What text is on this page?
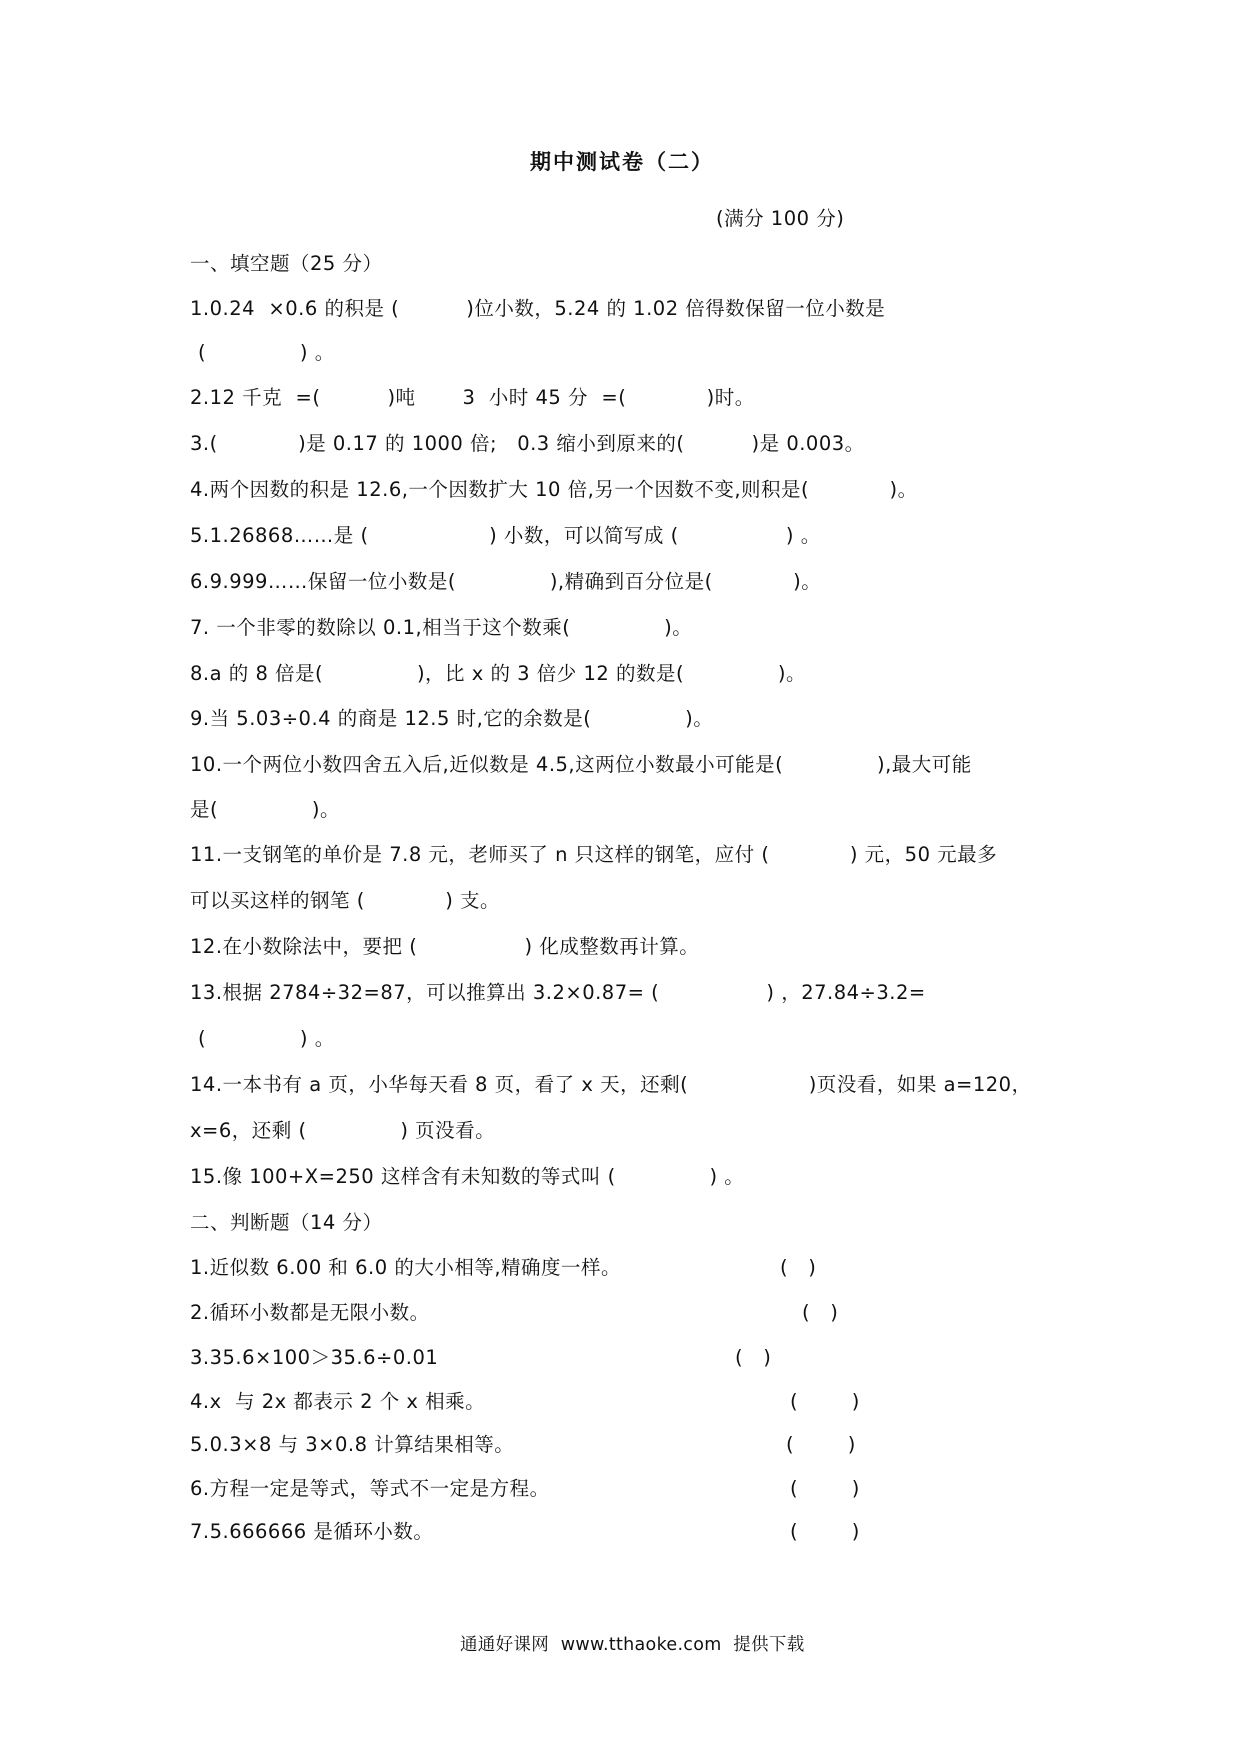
期中测试卷（二）
(满分 100 分)
一、填空题（25 分）
1.0.24  ×0.6 的积是 (          )位小数，5.24 的 1.02 倍得数保留一位小数是
(              ) 。
2.12 千克  =(          )吨       3  小时 45 分  =(            )时。
3.(            )是 0.17 的 1000 倍;   0.3 缩小到原来的(          )是 0.003。
4.两个因数的积是 12.6,一个因数扩大 10 倍,另一个因数不变,则积是(            )。
5.1.26868……是 (                  ) 小数，可以简写成 (                ) 。
6.9.999……保留一位小数是(              ),精确到百分位是(            )。
7. 一个非零的数除以 0.1,相当于这个数乘(              )。
8.a 的 8 倍是(              )，比 x 的 3 倍少 12 的数是(              )。
9.当 5.03÷0.4 的商是 12.5 时,它的余数是(              )。
10.一个两位小数四舍五入后,近似数是 4.5,这两位小数最小可能是(              ),最大可能
是(              )。
11.一支钢笔的单价是 7.8 元，老师买了 n 只这样的钢笔，应付 (            ) 元，50 元最多
可以买这样的钢笔 (            ) 支。
12.在小数除法中，要把 (                ) 化成整数再计算。
13.根据 2784÷32=87，可以推算出 3.2×0.87= (                ) ，27.84÷3.2=
(              ) 。
14.一本书有 a 页，小华每天看 8 页，看了 x 天，还剩(                  )页没看，如果 a=120，
x=6，还剩 (              ) 页没看。
15.像 100+X=250 这样含有未知数的等式叫 (              ) 。
二、判断题（14 分）
1.近似数 6.00 和 6.0 的大小相等,精确度一样。	(   )
2.循环小数都是无限小数。	(   )
3.35.6×100＞35.6÷0.01	(   )
4.x  与 2x 都表示 2 个 x 相乘。	(        )
5.0.3×8 与 3×0.8 计算结果相等。	(        )
6.方程一定是等式，等式不一定是方程。	(        )
7.5.666666 是循环小数。	(        )
通通好课网  www.tthaoke.com  提供下载
